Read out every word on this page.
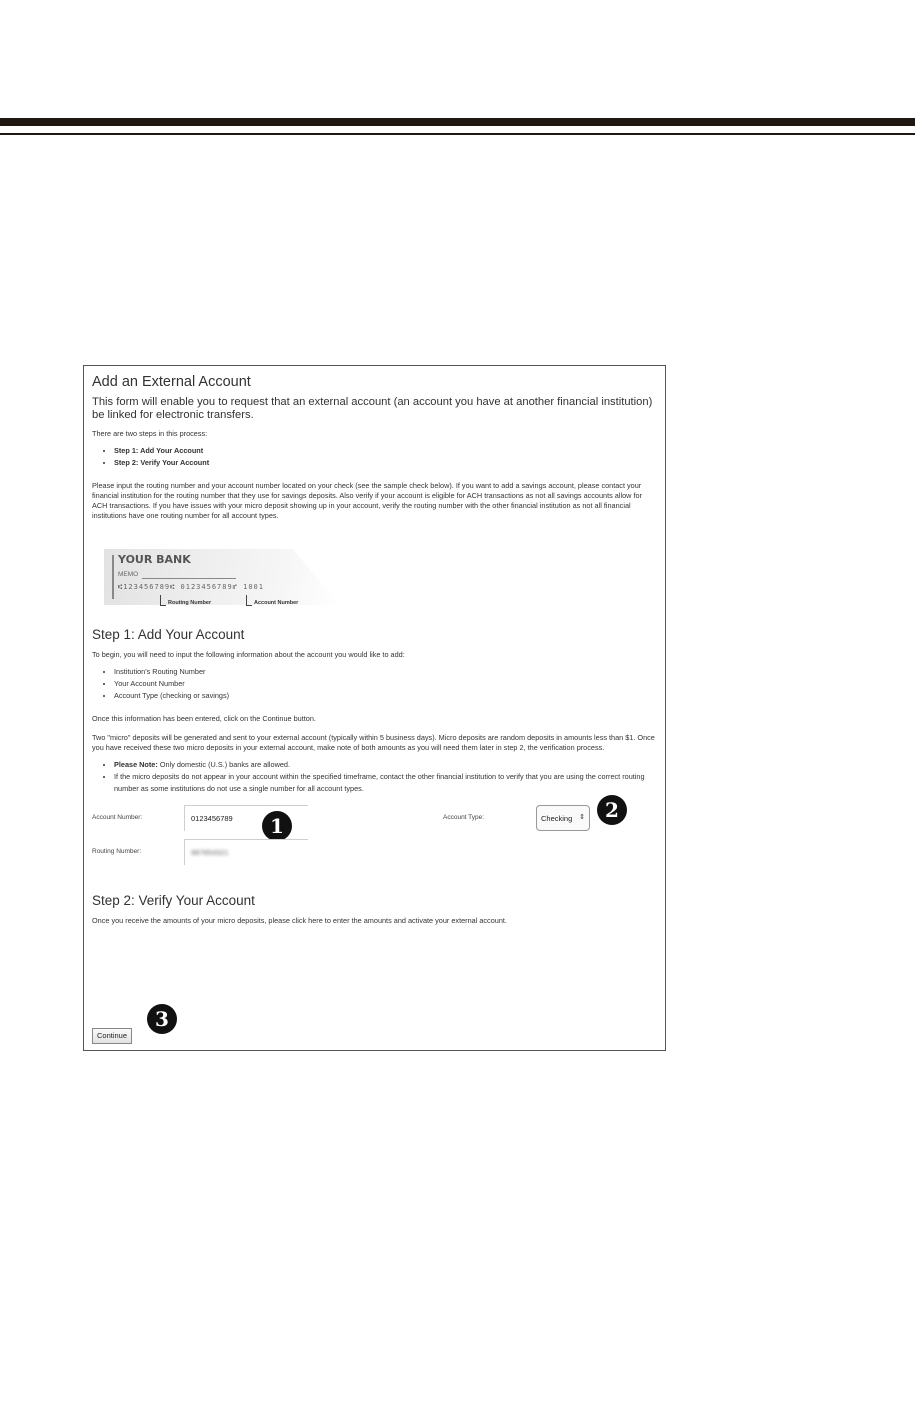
Add an External Account

This form will enable you to request that an external account (an account you have at another financial institution) be linked for electronic transfers.

There are two steps in this process:

• Step 1: Add Your Account
• Step 2: Verify Your Account

Please input the routing number and your account number located on your check (see the sample check below). If you want to add a savings account, please contact your financial institution for the routing number that they use for savings deposits. Also verify if your account is eligible for ACH transactions as not all savings accounts allow for ACH transactions. If you have issues with your micro deposit showing up in your account, verify the routing number with the other financial institution as not all financial institutions have one routing number for all account types.

YOUR BANK
MEMO
⑆123456789⑆ 0123456789⑈ 1001
Routing Number	Account Number
Step 1: Add Your Account

To begin, you will need to input the following information about the account you would like to add:

• Institution's Routing Number
• Your Account Number
• Account Type (checking or savings)

Once this information has been entered, click on the Continue button.

Two "micro" deposits will be generated and sent to your external account (typically within 5 business days). Micro deposits are random deposits in amounts less than $1. Once you have received these two micro deposits in your external account, make note of both amounts as you will need them later in step 2, the verification process.

• Please Note: Only domestic (U.S.) banks are allowed.
• If the micro deposits do not appear in your account within the specified timeframe, contact the other financial institution to verify that you are using the correct routing number as some institutions do not use a single number for all account types.
Account Number:	0123456789	1	Account Type:	Checking ⇕	2
Routing Number:	987654321
Step 2: Verify Your Account

Once you receive the amounts of your micro deposits, please click here to enter the amounts and activate your external account.

3
Continue
